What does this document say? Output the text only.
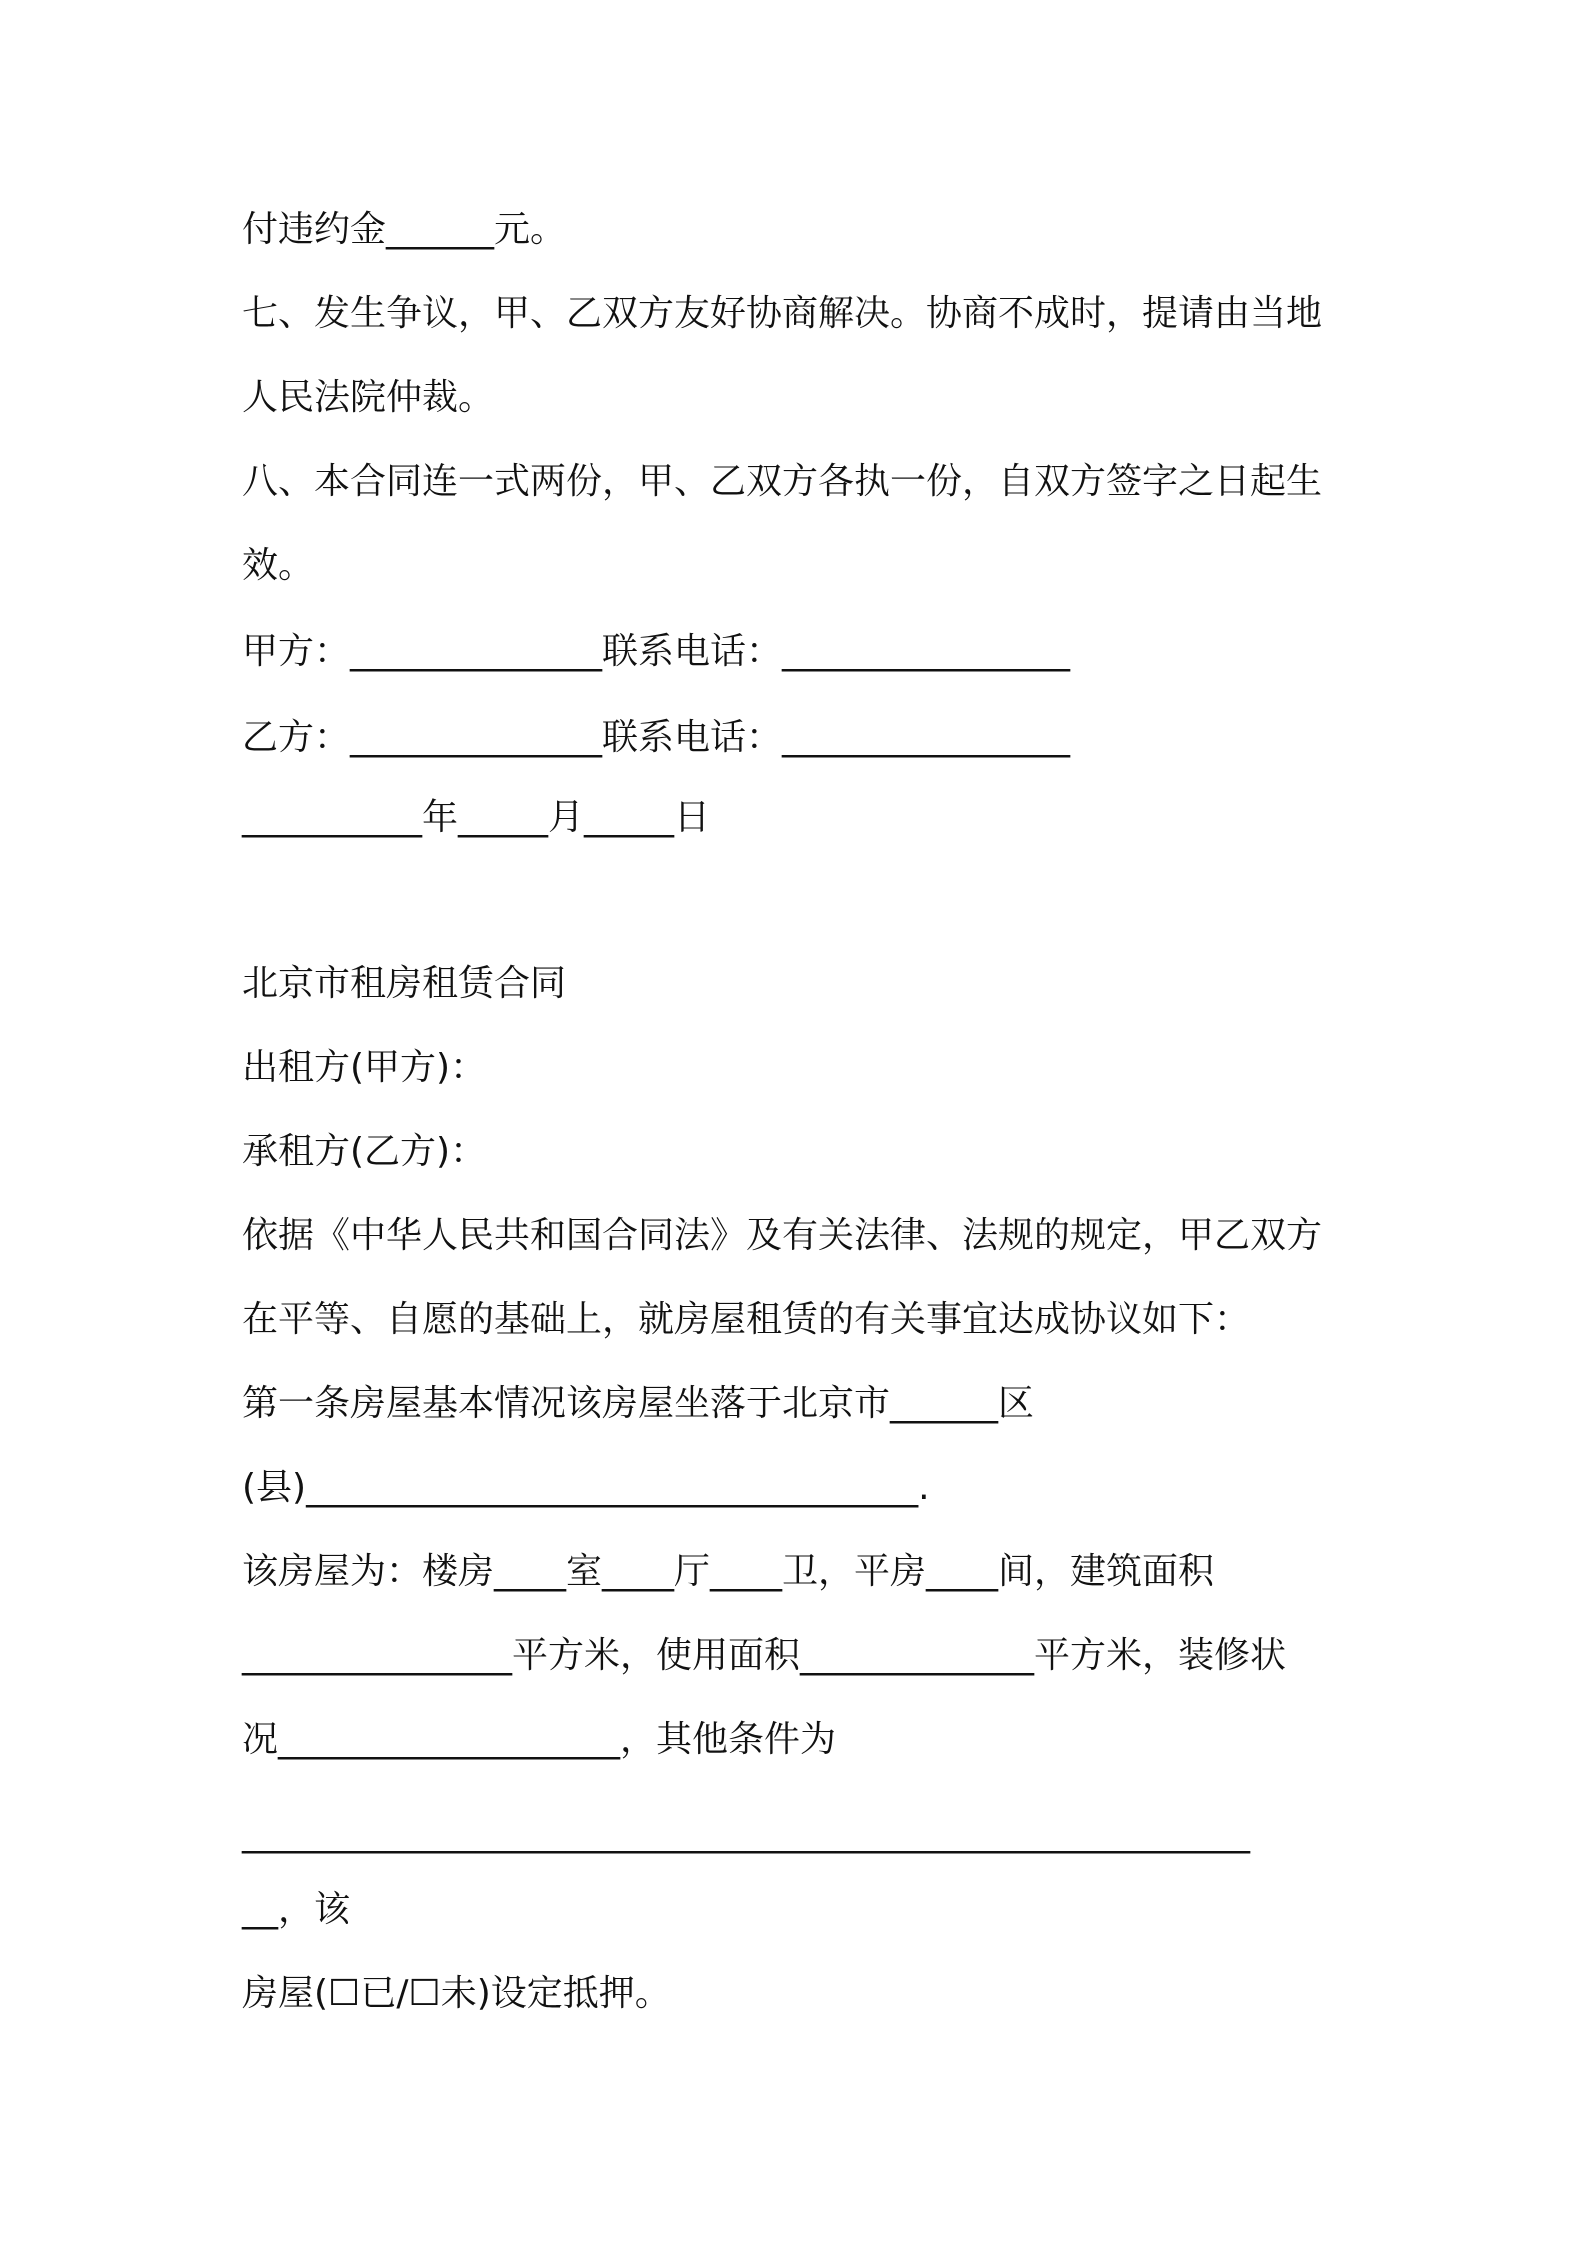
付违约金______元。
七、发生争议，甲、乙双方友好协商解决。协商不成时，提请由当地
人民法院仲裁。
八、本合同连一式两份，甲、乙双方各执一份，自双方签字之日起生
效。
甲方：______________联系电话：________________
乙方：______________联系电话：________________
__________年_____月_____日
北京市租房租赁合同
出租方(甲方)：
承租方(乙方)：
依据《中华人民共和国合同法》及有关法律、法规的规定，甲乙双方
在平等、自愿的基础上，就房屋租赁的有关事宜达成协议如下：
第一条房屋基本情况该房屋坐落于北京市______区
(县)__________________________________.
该房屋为：楼房____室____厅____卫，平房____间，建筑面积
_______________平方米，使用面积_____________平方米，装修状
况___________________，其他条件为
________________________________________________________
__，该
房屋(☐已/☐未)设定抵押。
